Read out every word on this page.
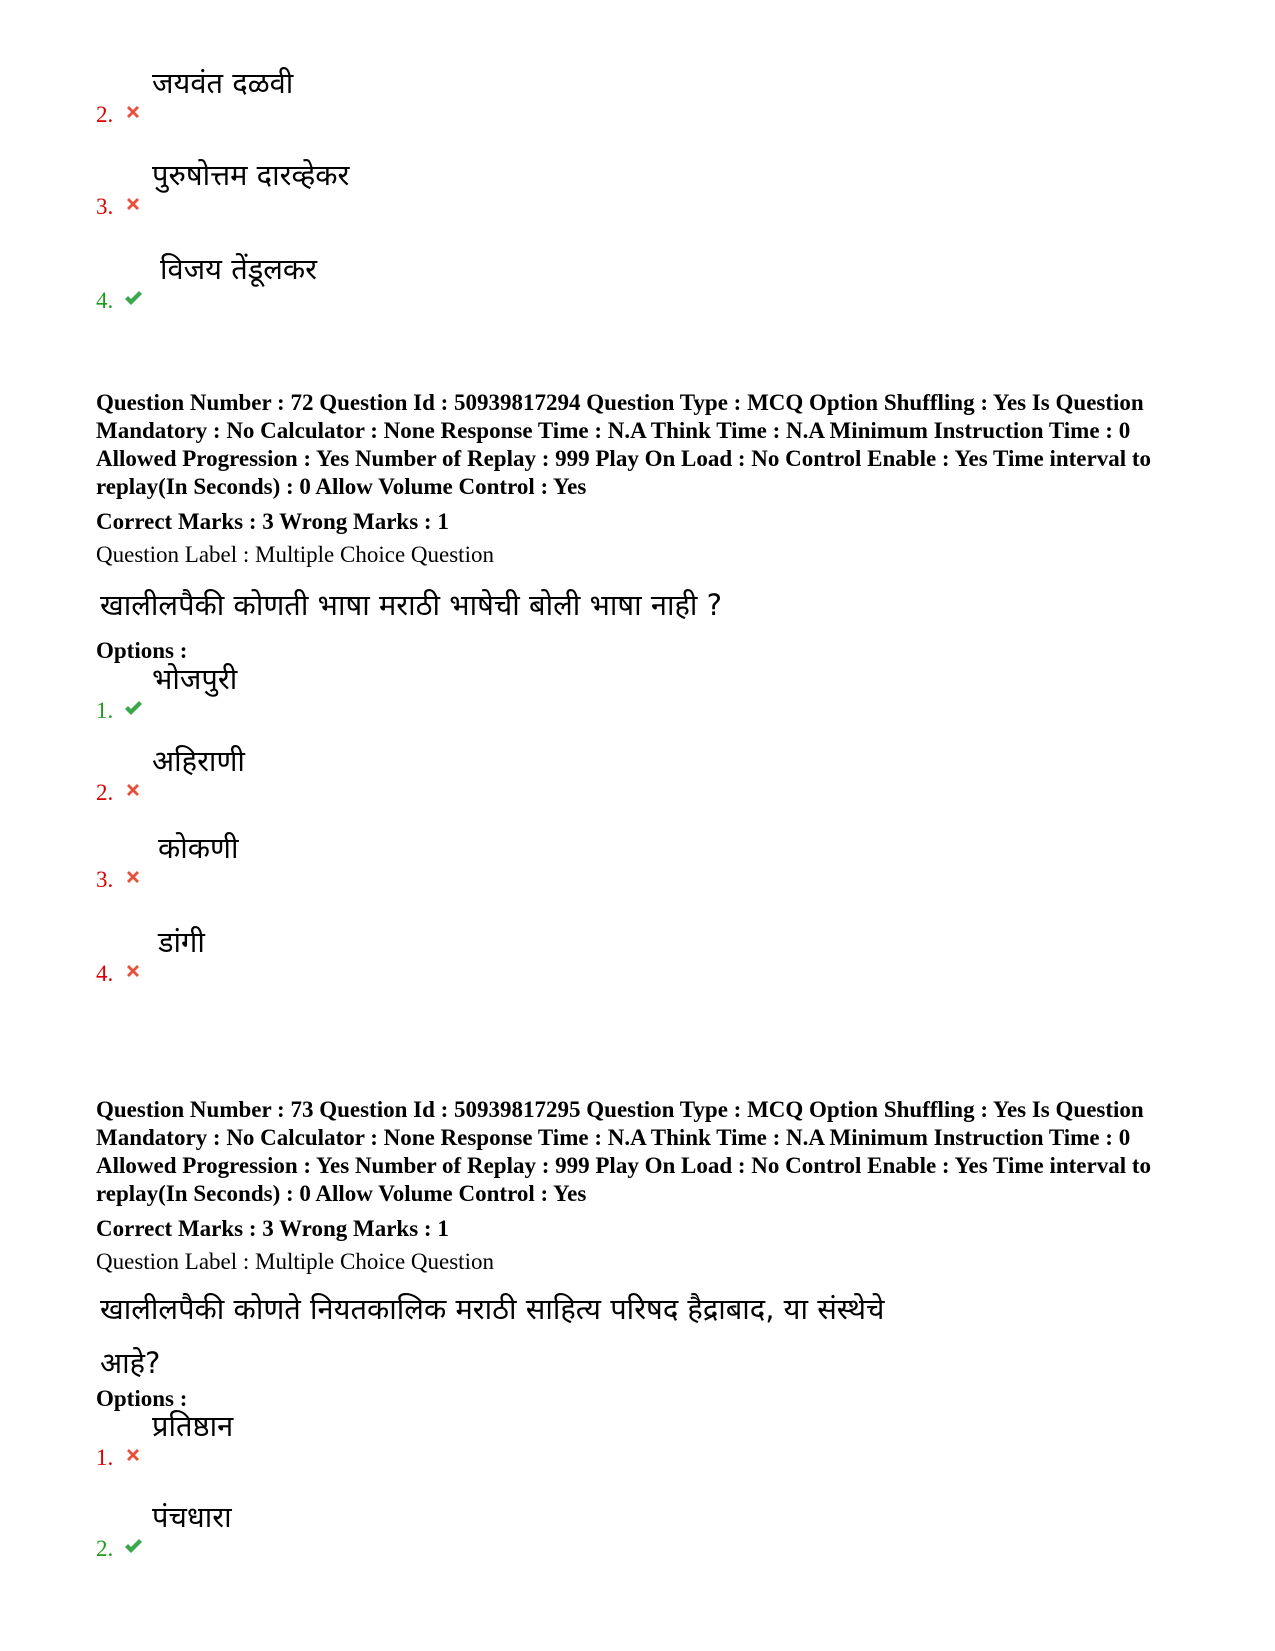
2.
जयवंत दळवी
3.
पुरुषोत्तम दारव्हेकर
4.
विजय तेंडूलकर
Question Number : 72 Question Id : 50939817294 Question Type : MCQ Option Shuffling : Yes Is Question Mandatory : No Calculator : None Response Time : N.A Think Time : N.A Minimum Instruction Time : 0 Allowed Progression : Yes Number of Replay : 999 Play On Load : No Control Enable : Yes Time interval to replay(In Seconds) : 0 Allow Volume Control : Yes
Correct Marks : 3 Wrong Marks : 1
Question Label : Multiple Choice Question
खालीलपैकी कोणती भाषा मराठी भाषेची बोली भाषा नाही ?
Options :
1.
भोजपुरी
2.
अहिराणी
3.
कोकणी
4.
डांगी
Question Number : 73 Question Id : 50939817295 Question Type : MCQ Option Shuffling : Yes Is Question Mandatory : No Calculator : None Response Time : N.A Think Time : N.A Minimum Instruction Time : 0 Allowed Progression : Yes Number of Replay : 999 Play On Load : No Control Enable : Yes Time interval to replay(In Seconds) : 0 Allow Volume Control : Yes
Correct Marks : 3 Wrong Marks : 1
Question Label : Multiple Choice Question
खालीलपैकी कोणते नियतकालिक मराठी साहित्य परिषद हैद्राबाद, या संस्थेचे
आहे?
Options :
1.
प्रतिष्ठान
2.
पंचधारा
